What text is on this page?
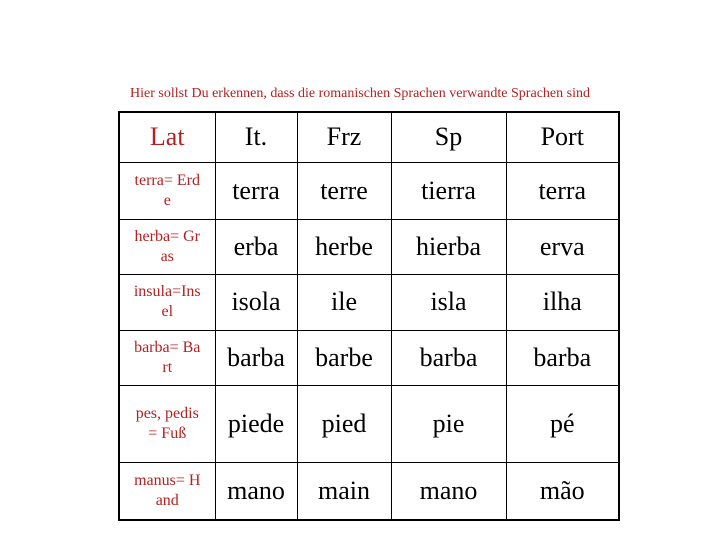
Hier sollst Du erkennen, dass die romanischen Sprachen verwandte Sprachen sind
Lat	It.	Frz	Sp	Port
terra= Erde	terra	terre	tierra	terra
herba= Gras	erba	herbe	hierba	erva
insula=Insel	isola	ile	isla	ilha
barba= Bart	barba	barbe	barba	barba
pes, pedis= Fuß	piede	pied	pie	pé
manus= Hand	mano	main	mano	mão
